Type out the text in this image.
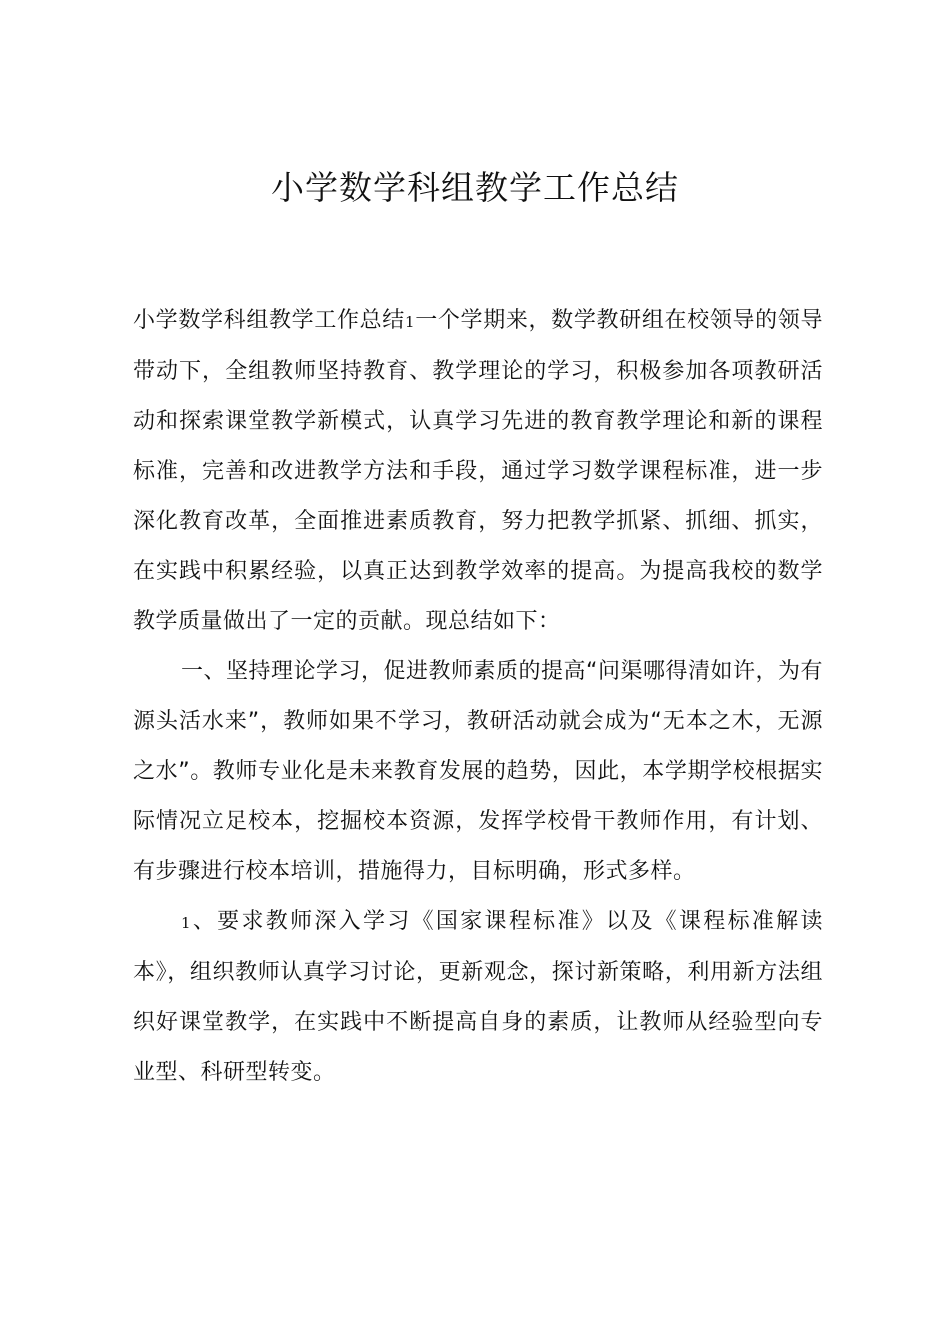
小学数学科组教学工作总结

小学数学科组教学工作总结1一个学期来，数学教研组在校领导的领导带动下，全组教师坚持教育、教学理论的学习，积极参加各项教研活动和探索课堂教学新模式，认真学习先进的教育教学理论和新的课程标准，完善和改进教学方法和手段，通过学习数学课程标准，进一步深化教育改革，全面推进素质教育，努力把教学抓紧、抓细、抓实，在实践中积累经验，以真正达到教学效率的提高。为提高我校的数学教学质量做出了一定的贡献。现总结如下：

一、坚持理论学习，促进教师素质的提高“问渠哪得清如许，为有源头活水来”，教师如果不学习，教研活动就会成为“无本之木，无源之水”。教师专业化是未来教育发展的趋势，因此，本学期学校根据实际情况立足校本，挖掘校本资源，发挥学校骨干教师作用，有计划、有步骤进行校本培训，措施得力，目标明确，形式多样。

1、要求教师深入学习《国家课程标准》以及《课程标准解读本》，组织教师认真学习讨论，更新观念，探讨新策略，利用新方法组织好课堂教学，在实践中不断提高自身的素质，让教师从经验型向专业型、科研型转变。
